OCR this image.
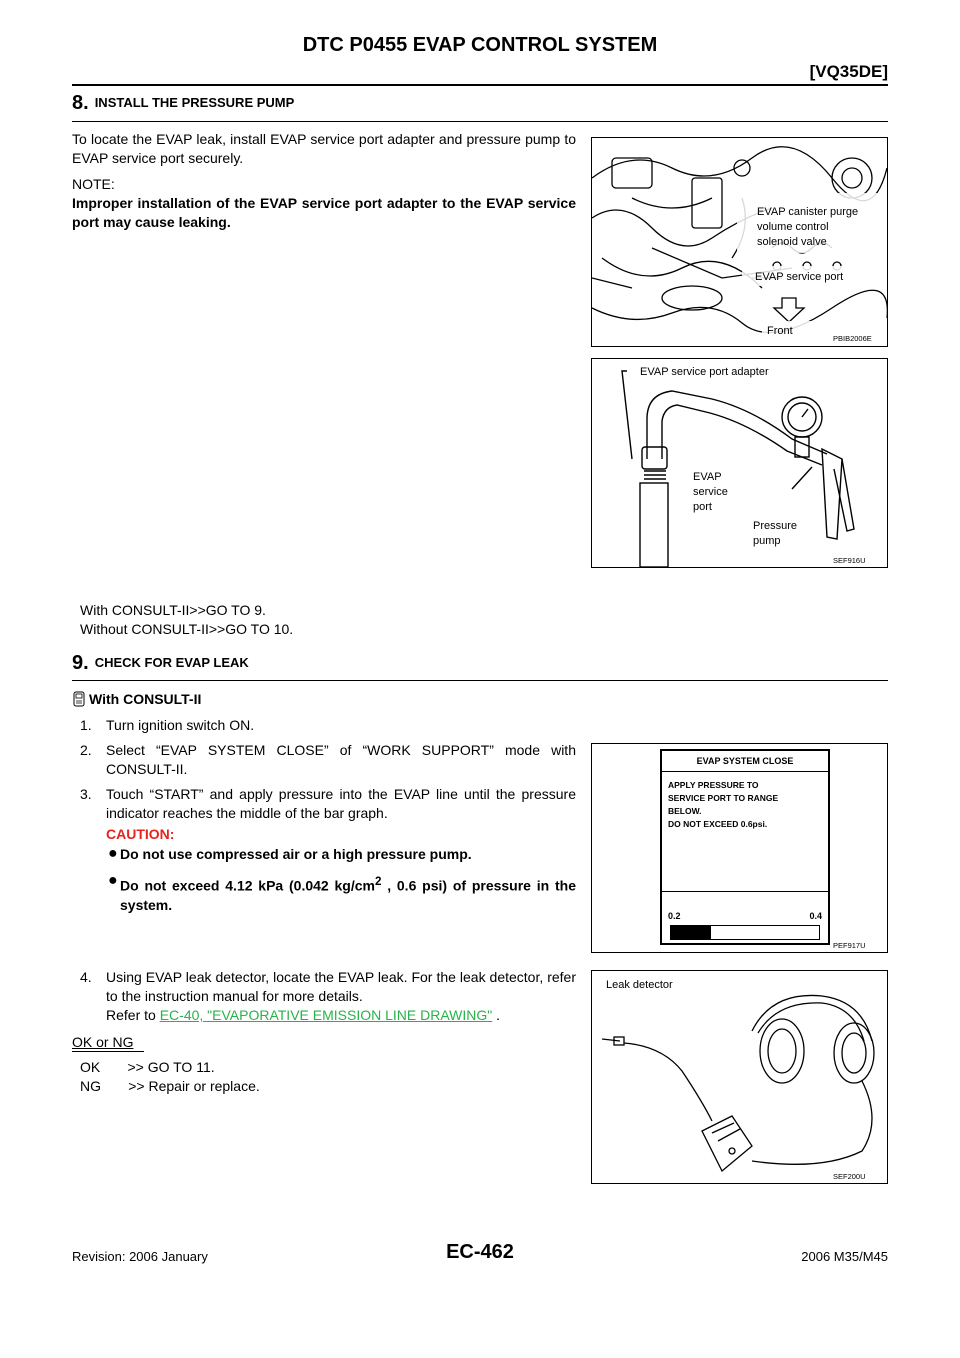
DTC P0455 EVAP CONTROL SYSTEM
[VQ35DE]
8. INSTALL THE PRESSURE PUMP
To locate the EVAP leak, install EVAP service port adapter and pressure pump to EVAP service port securely.
NOTE:
Improper installation of the EVAP service port adapter to the EVAP service port may cause leaking.
With CONSULT-II>>GO TO 9.
Without CONSULT-II>>GO TO 10.
EVAP canister purge
volume control
solenoid valve
EVAP service port
Front
PBIB2006E
EVAP service port adapter
EVAP
service
port
Pressure
pump
SEF916U
9. CHECK FOR EVAP LEAK
With CONSULT-II
1. Turn ignition switch ON.
2. Select “EVAP SYSTEM CLOSE” of “WORK SUPPORT” mode with CONSULT-II.
3. Touch “START” and apply pressure into the EVAP line until the pressure indicator reaches the middle of the bar graph.
CAUTION:
● Do not use compressed air or a high pressure pump.
● Do not exceed 4.12 kPa (0.042 $kg/cm^2$ , 0.6 psi) of pressure in the system.
4. Using EVAP leak detector, locate the EVAP leak. For the leak detector, refer to the instruction manual for more details.
Refer to EC-40, "EVAPORATIVE EMISSION LINE DRAWING" .
OK or NG
OK       >> GO TO 11.
NG       >> Repair or replace.
EVAP SYSTEM CLOSE
APPLY PRESSURE TO
SERVICE PORT TO RANGE
BELOW.
DO NOT EXCEED 0.6psi.
0.2	0.4
PEF917U
Leak detector
SEF200U
Revision: 2006 January	EC-462	2006 M35/M45
